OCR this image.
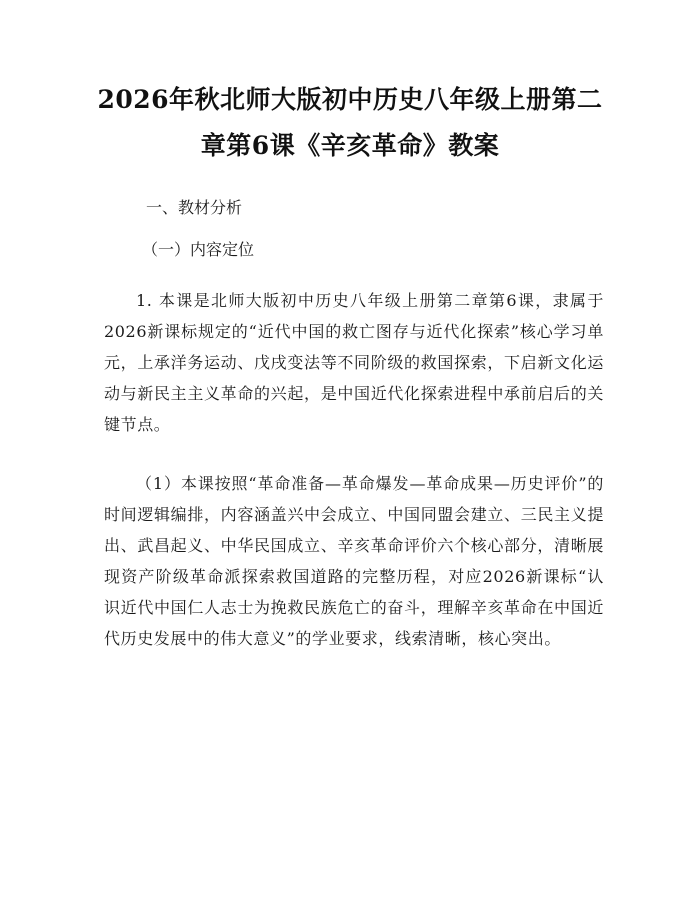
2026年秋北师大版初中历史八年级上册第二
章第6课《辛亥革命》教案
一、教材分析
（一）内容定位

1. 本课是北师大版初中历史八年级上册第二章第6课，隶属于2026新课标规定的“近代中国的救亡图存与近代化探索”核心学习单元，上承洋务运动、戊戌变法等不同阶级的救国探索，下启新文化运动与新民主主义革命的兴起，是中国近代化探索进程中承前启后的关键节点。

（1）本课按照“革命准备—革命爆发—革命成果—历史评价”的时间逻辑编排，内容涵盖兴中会成立、中国同盟会建立、三民主义提出、武昌起义、中华民国成立、辛亥革命评价六个核心部分，清晰展现资产阶级革命派探索救国道路的完整历程，对应2026新课标“认识近代中国仁人志士为挽救民族危亡的奋斗，理解辛亥革命在中国近代历史发展中的伟大意义”的学业要求，线索清晰，核心突出。
